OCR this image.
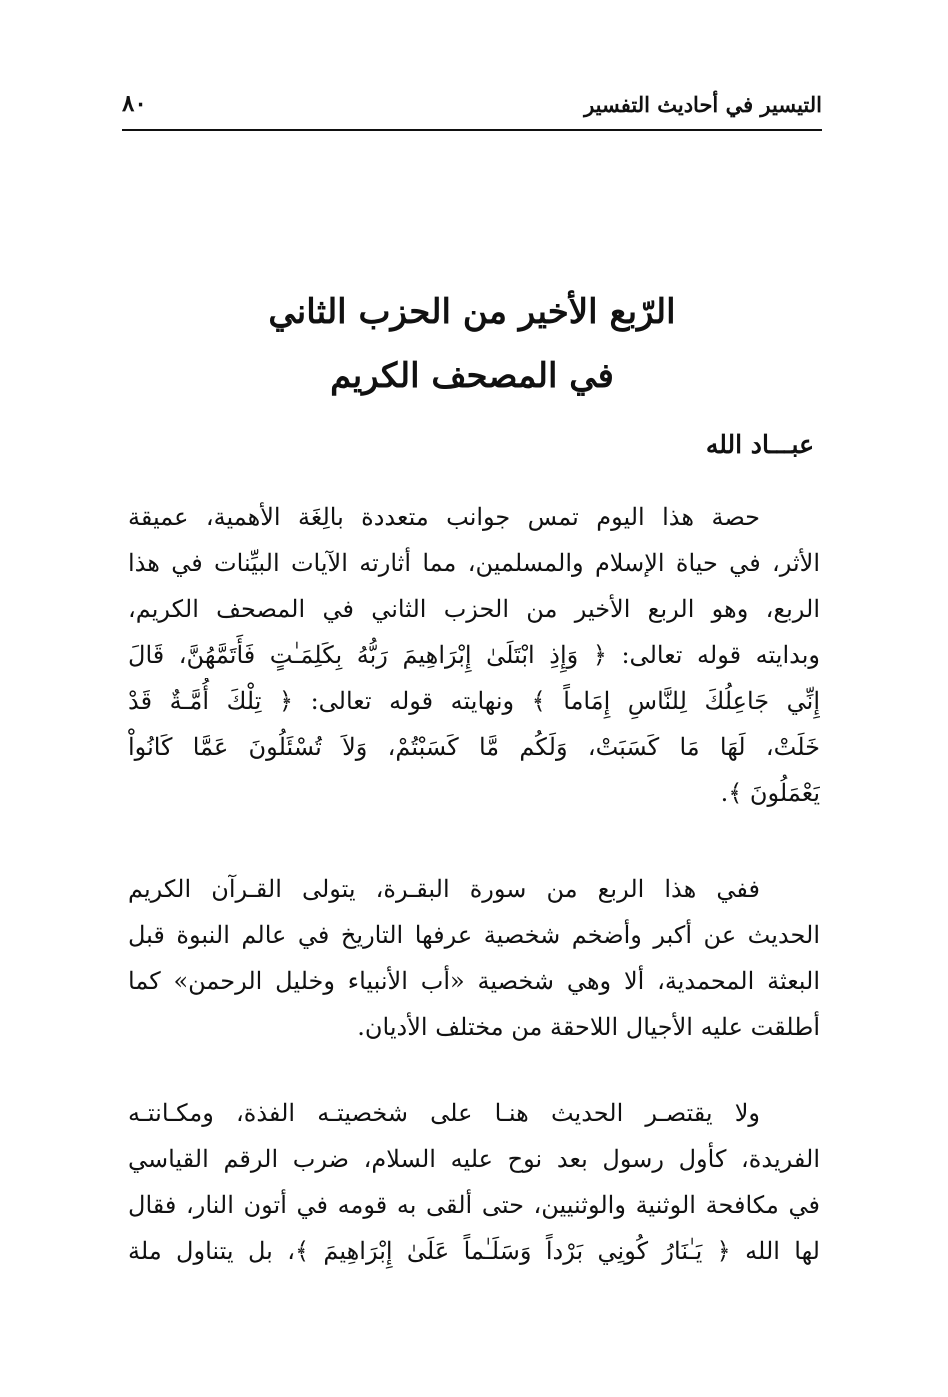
التيسير في أحاديث التفسير
٨٠
الرّبع الأخير من الحزب الثاني
في المصحف الكريم
عبـــاد الله
حصة هذا اليوم تمس جوانب متعددة بالِغَة الأهمية، عميقة
الأثر، في حياة الإسلام والمسلمين، مما أثارته الآيات البيِّنات في هذا
الربع، وهو الربع الأخير من الحزب الثاني في المصحف الكريم،
وبدايته قوله تعالى: ﴿ وَإِذِ ابْتَلَىٰ إِبْرَاهِيمَ رَبُّهُ بِكَلِمَـٰتٍ فَأَتَمَّهُنَّ، قَالَ
إِنِّي جَاعِلُكَ لِلنَّاسِ إِمَاماً ﴾ ونهايته قوله تعالى: ﴿ تِلْكَ أُمَّـةٌ قَدْ
خَلَتْ، لَهَا مَا كَسَبَتْ، وَلَكُم مَّا كَسَبْتُمْ، وَلاَ تُسْئَلُونَ عَمَّا كَانُواْ
يَعْمَلُونَ ﴾.
ففي هذا الربع من سورة البقـرة، يتولى القـرآن الكريم
الحديث عن أكبر وأضخم شخصية عرفها التاريخ في عالم النبوة قبل
البعثة المحمدية، ألا وهي شخصية «أب الأنبياء وخليل الرحمن» كما
أطلقت عليه الأجيال اللاحقة من مختلف الأديان.
ولا يقتصـر الحديث هنـا على شخصيتـه الفذة، ومكـانتـه
الفريدة، كأول رسول بعد نوح عليه السلام، ضرب الرقم القياسي
في مكافحة الوثنية والوثنيين، حتى ألقى به قومه في أتون النار، فقال
لها الله ﴿ يَـٰنَارُ كُونِي بَرْداً وَسَلَـٰماً عَلَىٰ إِبْرَاهِيمَ ﴾، بل يتناول ملة
